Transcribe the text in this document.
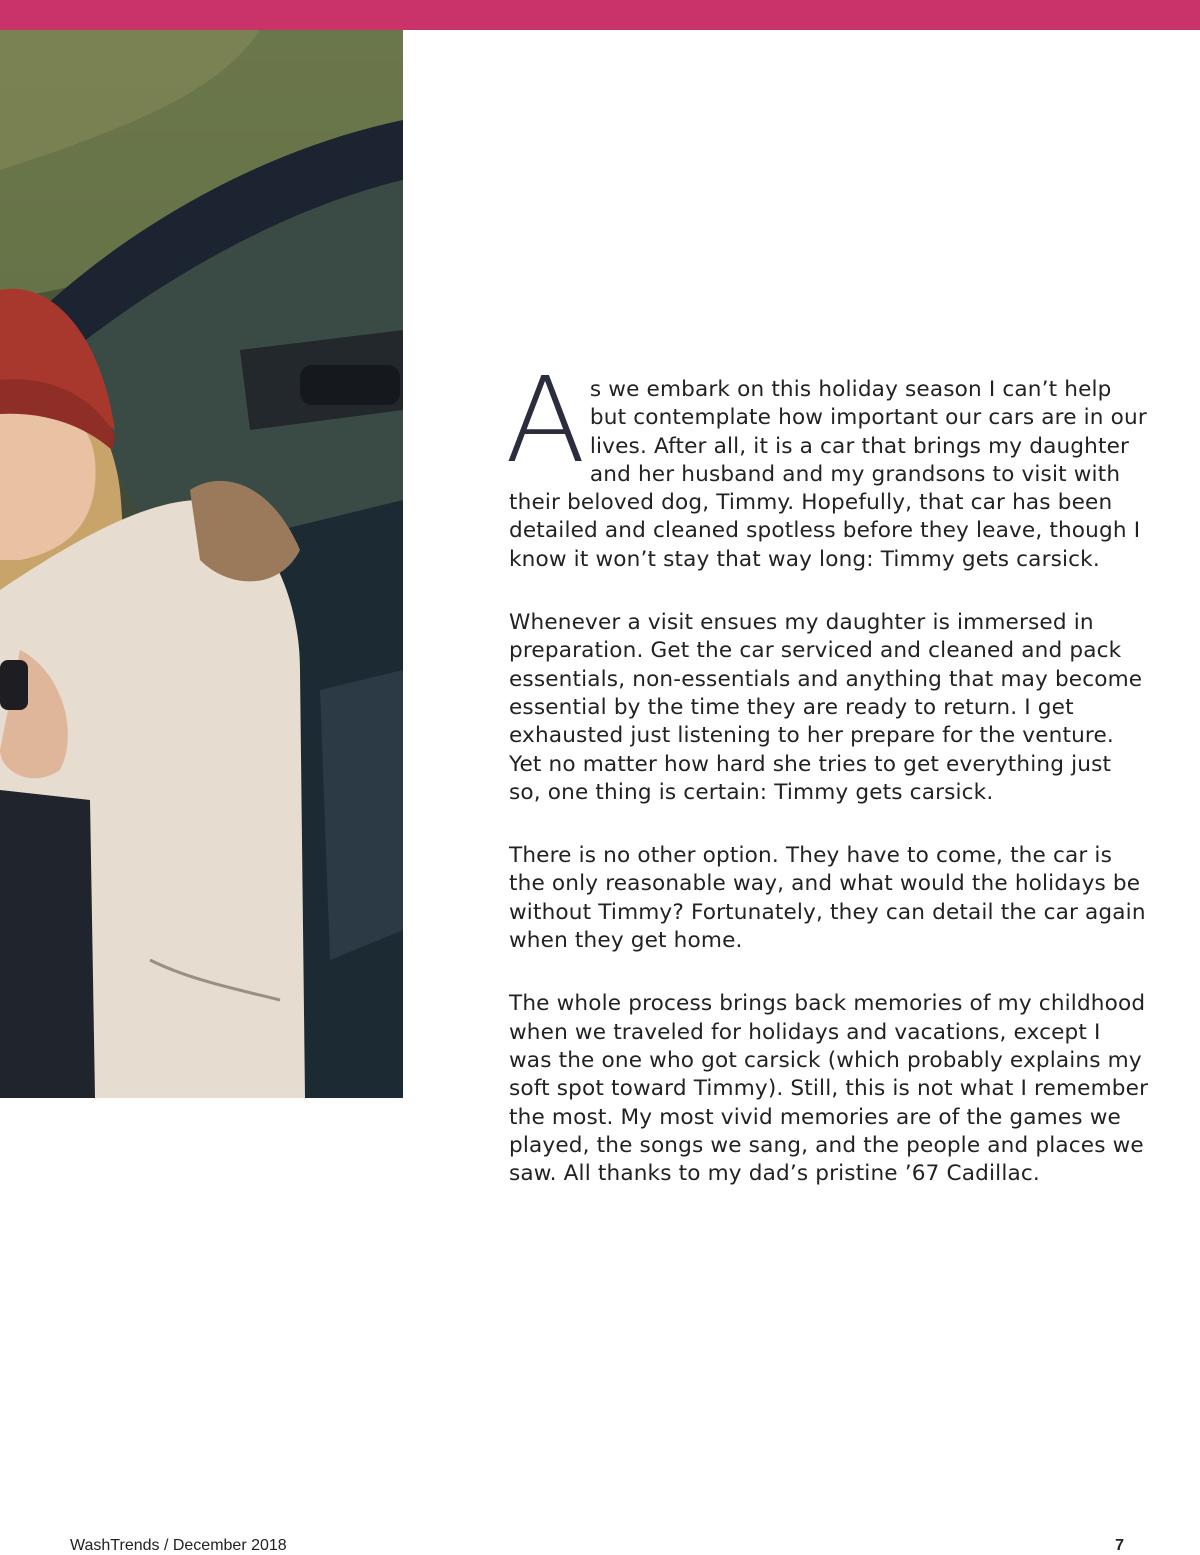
As we embark on this holiday season I can’t help but contemplate how important our cars are in our lives. After all, it is a car that brings my daughter and her husband and my grandsons to visit with their beloved dog, Timmy. Hopefully, that car has been detailed and cleaned spotless before they leave, though I know it won’t stay that way long: Timmy gets carsick.

Whenever a visit ensues my daughter is immersed in preparation. Get the car serviced and cleaned and pack essentials, non-essentials and anything that may become essential by the time they are ready to return. I get exhausted just listening to her prepare for the venture. Yet no matter how hard she tries to get everything just so, one thing is certain: Timmy gets carsick.

There is no other option. They have to come, the car is the only reasonable way, and what would the holidays be without Timmy? Fortunately, they can detail the car again when they get home.

The whole process brings back memories of my childhood when we traveled for holidays and vacations, except I was the one who got carsick (which probably explains my soft spot toward Timmy). Still, this is not what I remember the most. My most vivid memories are of the games we played, the songs we sang, and the people and places we saw. All thanks to my dad’s pristine ’67 Cadillac.

WashTrends / December 2018	7
